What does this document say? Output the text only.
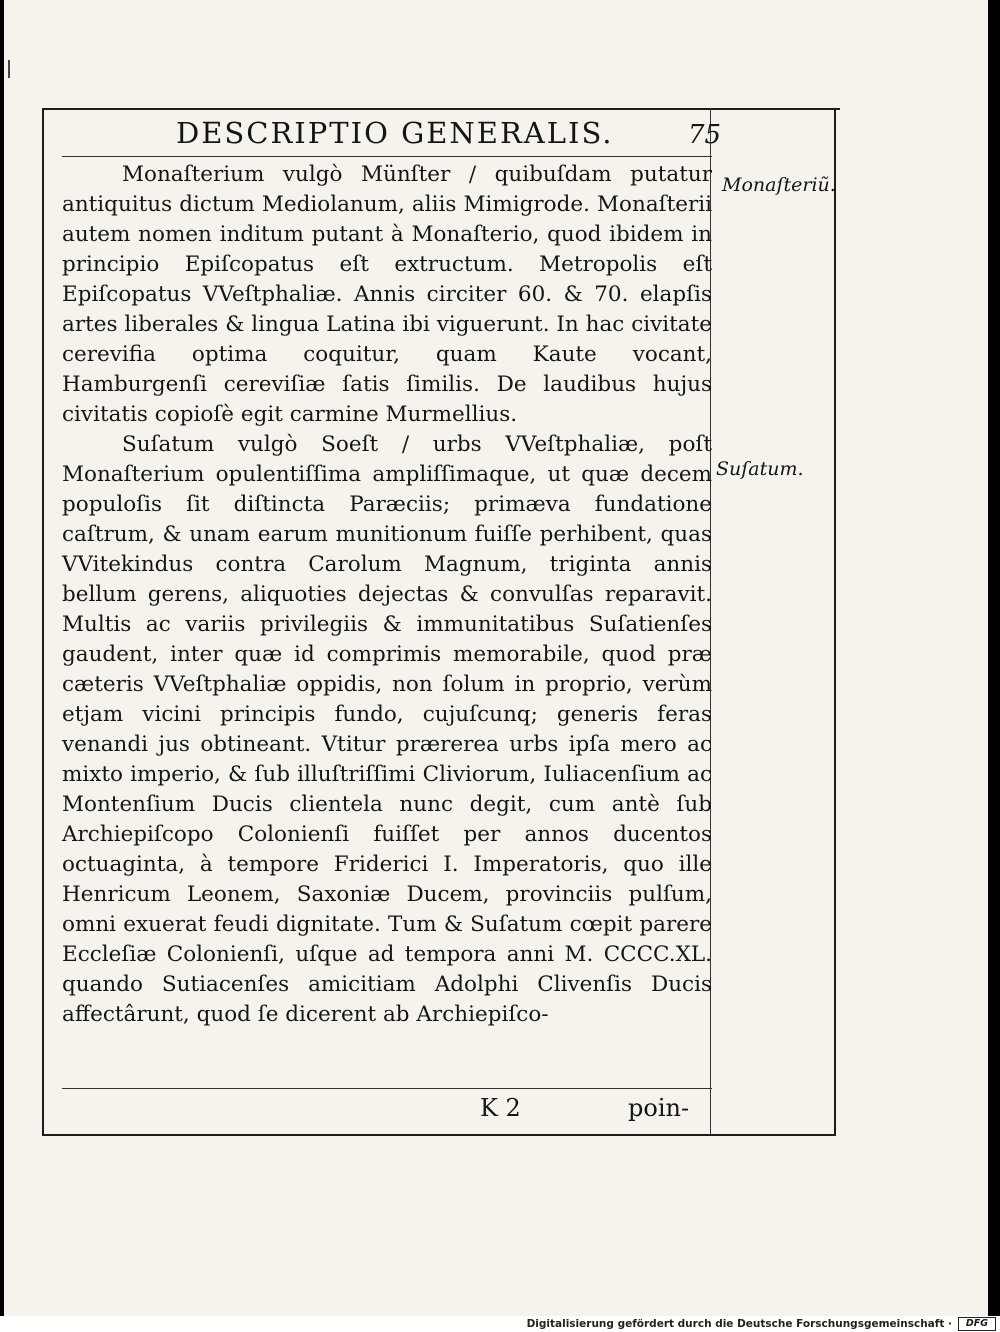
DESCRIPTIO GENERALIS.	75

Monaſterium vulgò Münſter / quibuſdam putatur antiquitus dictum Mediolanum, aliis Mimigrode. Monaſterii autem nomen inditum putant à Monaſterio, quod ibidem in principio Epiſcopatus eſt extructum. Metropolis eſt Epiſcopatus VVeſtphaliæ. Annis circiter 60. & 70. elapſis artes liberales & lingua Latina ibi viguerunt. In hac civitate cerevifia optima coquitur, quam Kaute vocant, Hamburgenſi cereviſiæ ſatis ſimilis. De laudibus hujus civitatis copioſè egit carmine Murmellius.

Suſatum vulgò Soeſt / urbs VVeſtphaliæ, poſt Monaſterium opulentiſſima ampliſſimaque, ut quæ decem populoſis ſit diſtincta Paræciis; primæva fundatione caſtrum, & unam earum munitionum fuiſſe perhibent, quas VVitekindus contra Carolum Magnum, triginta annis bellum gerens, aliquoties dejectas & convulſas reparavit. Multis ac variis privilegiis & immunitatibus Suſatienſes gaudent, inter quæ id comprimis memorabile, quod præ cæteris VVeſtphaliæ oppidis, non ſolum in proprio, verùm etjam vicini principis fundo, cujuſcunq; generis feras venandi jus obtineant. Vtitur prærerea urbs ipſa mero ac mixto imperio, & ſub illuſtriſſimi Cliviorum, Iuliacenſium ac Montenſium Ducis clientela nunc degit, cum antè ſub Archiepiſcopo Colonienſi fuiſſet per annos ducentos octuaginta, à tempore Friderici I. Imperatoris, quo ille Henricum Leonem, Saxoniæ Ducem, provinciis pulſum, omni exuerat feudi dignitate. Tum & Suſatum cœpit parere Eccleſiæ Colonienſi, uſque ad tempora anni M. CCCC.XL. quando Sutiacenſes amicitiam Adolphi Clivenſis Ducis affectârunt, quod ſe dicerent ab Archiepiſco-

Monaſteriũ.
Suſatum.
K 2	poin-
Digitalisierung gefördert durch die Deutsche Forschungsgemeinschaft ·	DFG
